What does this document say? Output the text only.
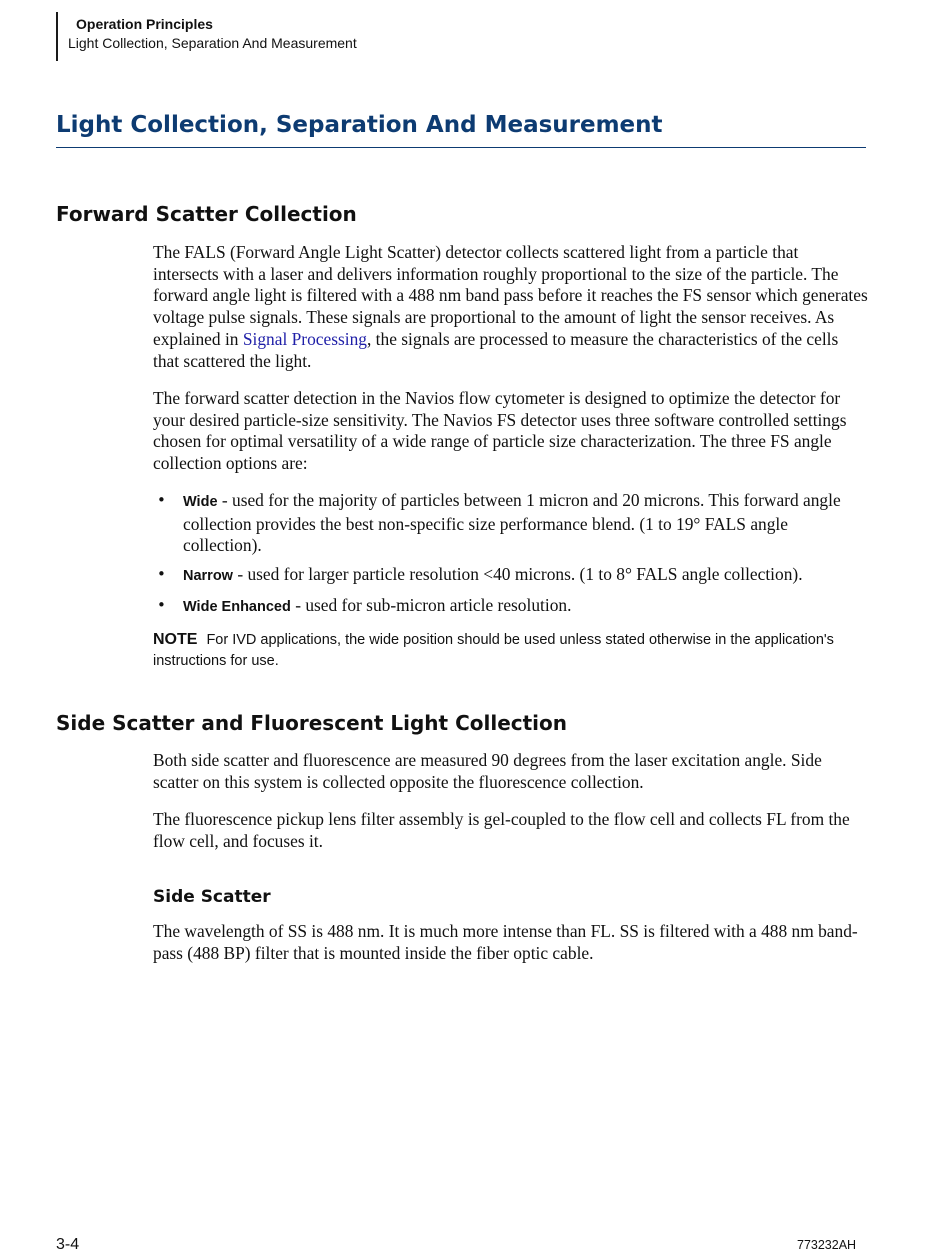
Operation Principles
Light Collection, Separation And Measurement
Light Collection, Separation And Measurement
Forward Scatter Collection

The FALS (Forward Angle Light Scatter) detector collects scattered light from a particle that intersects with a laser and delivers information roughly proportional to the size of the particle. The forward angle light is filtered with a 488 nm band pass before it reaches the FS sensor which generates voltage pulse signals. These signals are proportional to the amount of light the sensor receives. As explained in Signal Processing, the signals are processed to measure the characteristics of the cells that scattered the light.

The forward scatter detection in the Navios flow cytometer is designed to optimize the detector for your desired particle-size sensitivity. The Navios FS detector uses three software controlled settings chosen for optimal versatility of a wide range of particle size characterization. The three FS angle collection options are:

• Wide - used for the majority of particles between 1 micron and 20 microns. This forward angle collection provides the best non-specific size performance blend. (1 to 19° FALS angle collection).
• Narrow - used for larger particle resolution <40 microns. (1 to 8° FALS angle collection).
• Wide Enhanced - used for sub-micron article resolution.
NOTE For IVD applications, the wide position should be used unless stated otherwise in the application's instructions for use.
Side Scatter and Fluorescent Light Collection

Both side scatter and fluorescence are measured 90 degrees from the laser excitation angle. Side scatter on this system is collected opposite the fluorescence collection.

The fluorescence pickup lens filter assembly is gel-coupled to the flow cell and collects FL from the flow cell, and focuses it.

Side Scatter

The wavelength of SS is 488 nm. It is much more intense than FL. SS is filtered with a 488 nm band-pass (488 BP) filter that is mounted inside the fiber optic cable.

3-4	773232AH
